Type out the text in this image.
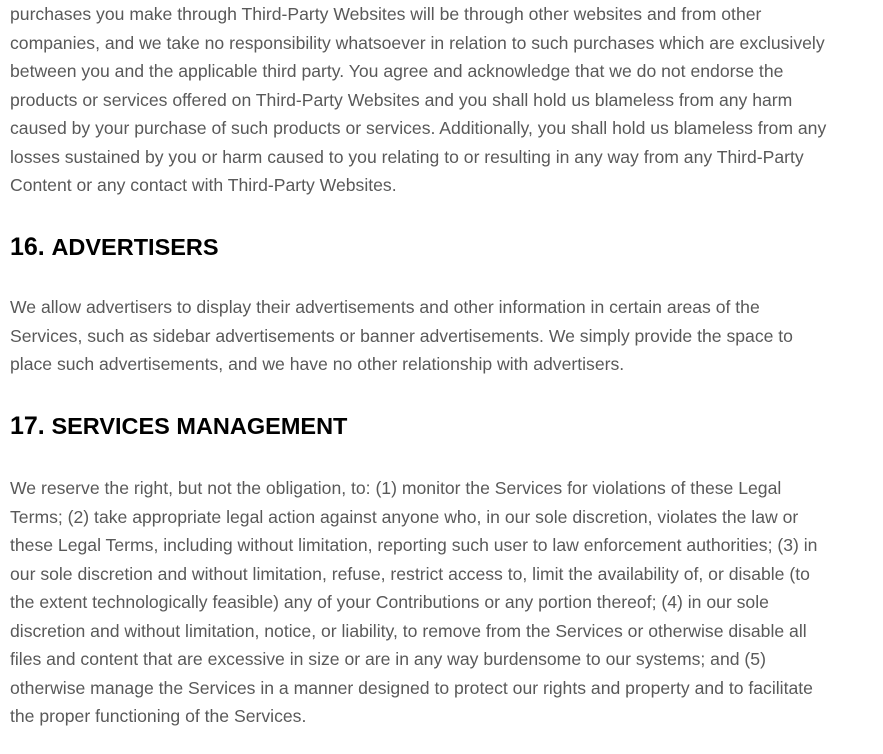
purchases you make through Third-Party Websites will be through other websites and from other
companies, and we take no responsibility whatsoever in relation to such purchases which are exclusively
between you and the applicable third party. You agree and acknowledge that we do not endorse the
products or services offered on Third-Party Websites and you shall hold us blameless from any harm
caused by your purchase of such products or services. Additionally, you shall hold us blameless from any
losses sustained by you or harm caused to you relating to or resulting in any way from any Third-Party
Content or any contact with Third-Party Websites.

16. ADVERTISERS

We allow advertisers to display their advertisements and other information in certain areas of the
Services, such as sidebar advertisements or banner advertisements. We simply provide the space to
place such advertisements, and we have no other relationship with advertisers.

17. SERVICES MANAGEMENT

We reserve the right, but not the obligation, to: (1) monitor the Services for violations of these Legal
Terms; (2) take appropriate legal action against anyone who, in our sole discretion, violates the law or
these Legal Terms, including without limitation, reporting such user to law enforcement authorities; (3) in
our sole discretion and without limitation, refuse, restrict access to, limit the availability of, or disable (to
the extent technologically feasible) any of your Contributions or any portion thereof; (4) in our sole
discretion and without limitation, notice, or liability, to remove from the Services or otherwise disable all
files and content that are excessive in size or are in any way burdensome to our systems; and (5)
otherwise manage the Services in a manner designed to protect our rights and property and to facilitate
the proper functioning of the Services.
